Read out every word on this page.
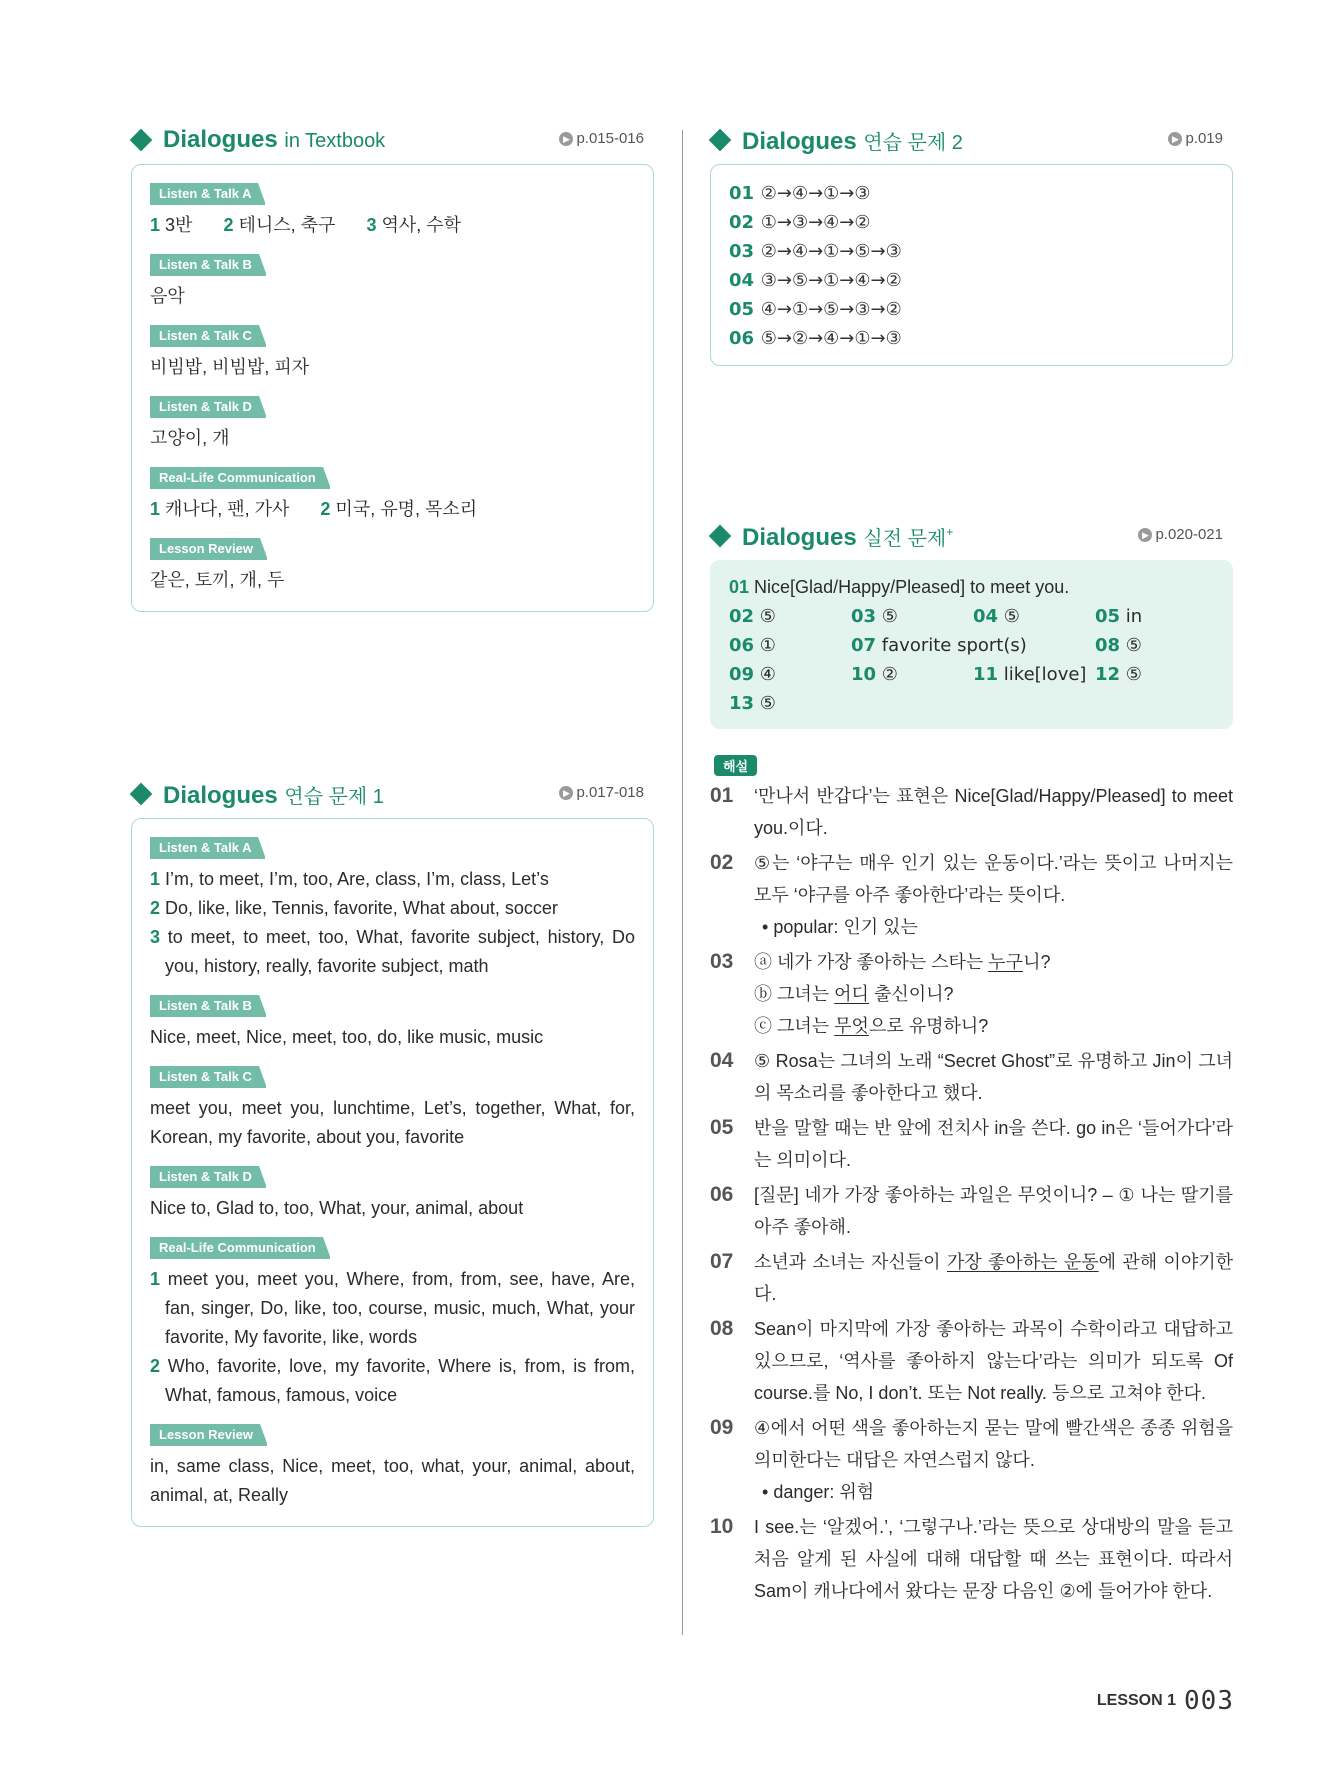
Dialogues in Textbook	▶ p.015-016
Listen & Talk A
1 3반 2 테니스, 축구 3 역사, 수학
Listen & Talk B
음악
Listen & Talk C
비빔밥, 비빔밥, 피자
Listen & Talk D
고양이, 개
Real-Life Communication
1 캐나다, 팬, 가사 2 미국, 유명, 목소리
Lesson Review
같은, 토끼, 개, 두
Dialogues 연습 문제 1	▶ p.017-018
Listen & Talk A
1 I’m, to meet, I’m, too, Are, class, I’m, class, Let’s
2 Do, like, like, Tennis, favorite, What about, soccer
3 to meet, to meet, too, What, favorite subject, history, Do you, history, really, favorite subject, math
Listen & Talk B
Nice, meet, Nice, meet, too, do, like music, music
Listen & Talk C
meet you, meet you, lunchtime, Let’s, together, What, for, Korean, my favorite, about you, favorite
Listen & Talk D
Nice to, Glad to, too, What, your, animal, about
Real-Life Communication
1 meet you, meet you, Where, from, from, see, have, Are, fan, singer, Do, like, too, course, music, much, What, your favorite, My favorite, like, words
2 Who, favorite, love, my favorite, Where is, from, is from, What, famous, famous, voice
Lesson Review
in, same class, Nice, meet, too, what, your, animal, about, animal, at, Really
Dialogues 연습 문제 2	▶ p.019
01 ②→④→①→③
02 ①→③→④→②
03 ②→④→①→⑤→③
04 ③→⑤→①→④→②
05 ④→①→⑤→③→②
06 ⑤→②→④→①→③
Dialogues 실전 문제+	▶ p.020-021
01 Nice[Glad/Happy/Pleased] to meet you.
02 ⑤	03 ⑤	04 ⑤	05 in
06 ①	07 favorite sport(s)	08 ⑤
09 ④	10 ②	11 like[love] 12 ⑤
13 ⑤
해설
01 ‘만나서 반갑다’는 표현은 Nice[Glad/Happy/Pleased] to meet you.이다.
02 ⑤는 ‘야구는 매우 인기 있는 운동이다.’라는 뜻이고 나머지는 모두 ‘야구를 아주 좋아한다’라는 뜻이다.
• popular: 인기 있는
03 ⓐ 네가 가장 좋아하는 스타는 누구니?
ⓑ 그녀는 어디 출신이니?
ⓒ 그녀는 무엇으로 유명하니?
04 ⑤ Rosa는 그녀의 노래 “Secret Ghost”로 유명하고 Jin이 그녀의 목소리를 좋아한다고 했다.
05 반을 말할 때는 반 앞에 전치사 in을 쓴다. go in은 ‘들어가다’라는 의미이다.
06 [질문] 네가 가장 좋아하는 과일은 무엇이니? – ① 나는 딸기를 아주 좋아해.
07 소년과 소녀는 자신들이 가장 좋아하는 운동에 관해 이야기한다.
08 Sean이 마지막에 가장 좋아하는 과목이 수학이라고 대답하고 있으므로, ‘역사를 좋아하지 않는다’라는 의미가 되도록 Of course.를 No, I don’t. 또는 Not really. 등으로 고쳐야 한다.
09 ④에서 어떤 색을 좋아하는지 묻는 말에 빨간색은 종종 위험을 의미한다는 대답은 자연스럽지 않다.
• danger: 위험
10 I see.는 ‘알겠어.’, ‘그렇구나.’라는 뜻으로 상대방의 말을 듣고 처음 알게 된 사실에 대해 대답할 때 쓰는 표현이다. 따라서 Sam이 캐나다에서 왔다는 문장 다음인 ②에 들어가야 한다.
LESSON 1 003
